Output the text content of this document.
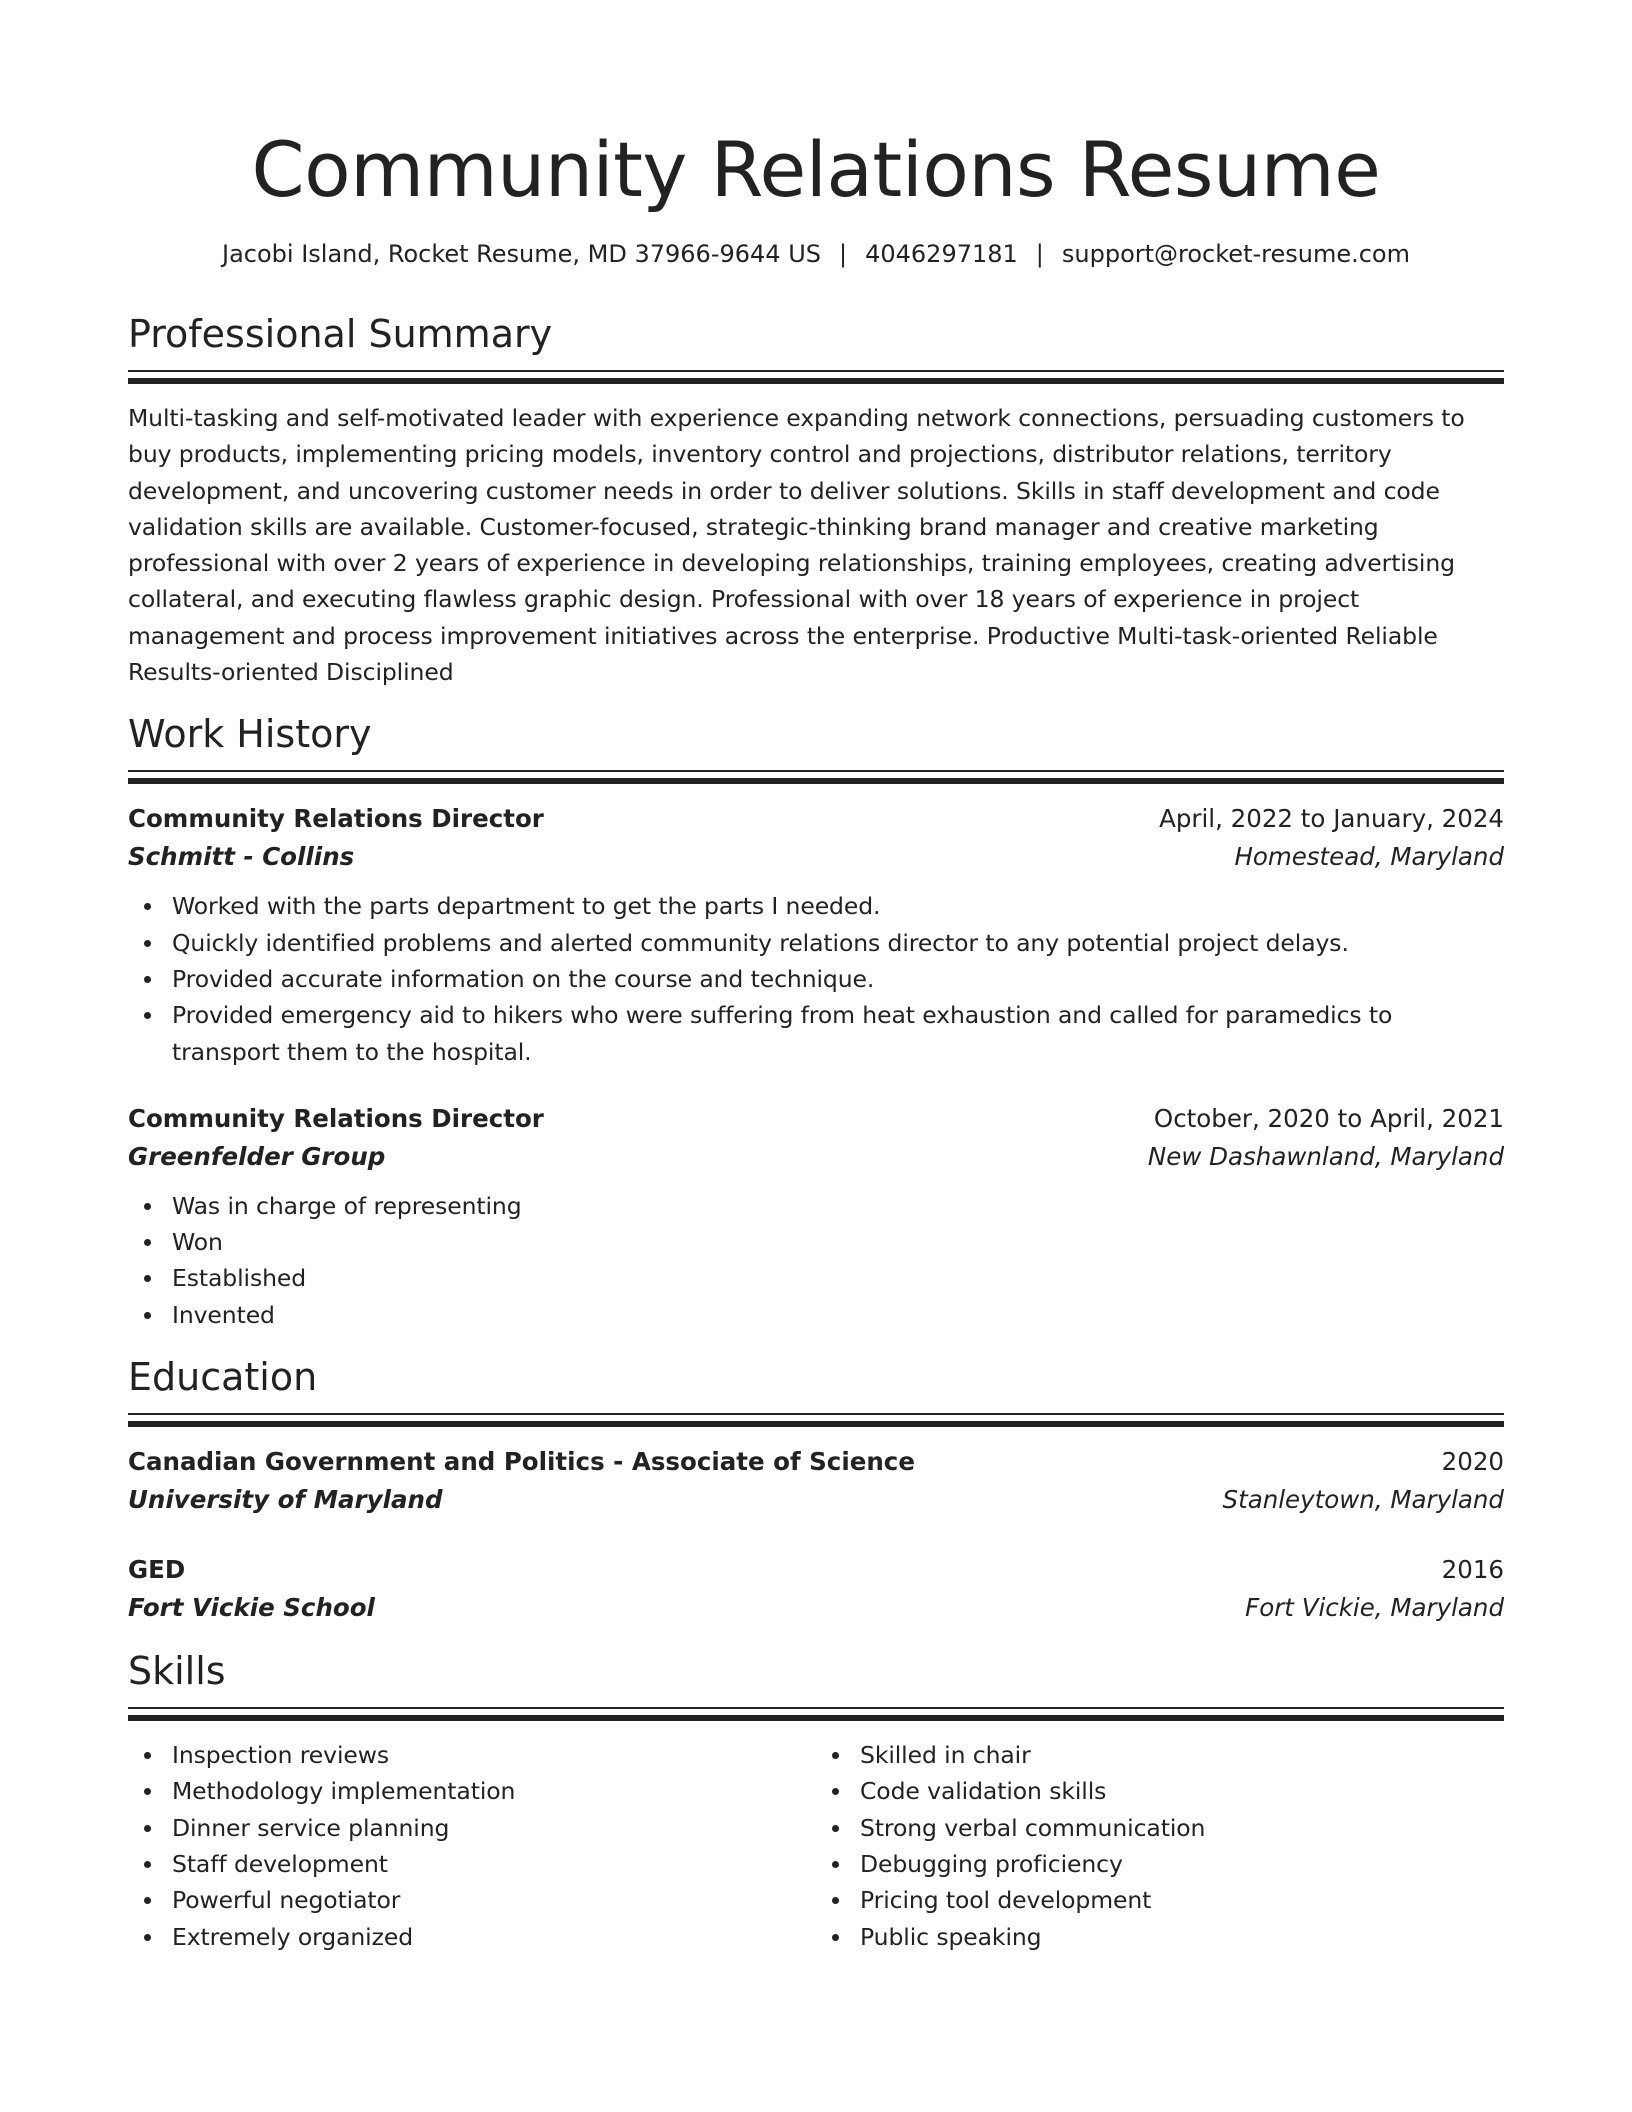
Community Relations Resume
Jacobi Island, Rocket Resume, MD 37966-9644 US | 4046297181 | support@rocket-resume.com
Professional Summary

Multi-tasking and self-motivated leader with experience expanding network connections, persuading customers to buy products, implementing pricing models, inventory control and projections, distributor relations, territory development, and uncovering customer needs in order to deliver solutions. Skills in staff development and code validation skills are available. Customer-focused, strategic-thinking brand manager and creative marketing professional with over 2 years of experience in developing relationships, training employees, creating advertising collateral, and executing flawless graphic design. Professional with over 18 years of experience in project management and process improvement initiatives across the enterprise. Productive Multi-task-oriented Reliable Results-oriented Disciplined

Work History
Community Relations Director	April, 2022 to January, 2024
Schmitt - Collins	Homestead, Maryland
Worked with the parts department to get the parts I needed.
Quickly identified problems and alerted community relations director to any potential project delays.
Provided accurate information on the course and technique.
Provided emergency aid to hikers who were suffering from heat exhaustion and called for paramedics to transport them to the hospital.
Community Relations Director	October, 2020 to April, 2021
Greenfelder Group	New Dashawnland, Maryland
Was in charge of representing
Won
Established
Invented
Education
Canadian Government and Politics - Associate of Science	2020
University of Maryland	Stanleytown, Maryland
GED	2016
Fort Vickie School	Fort Vickie, Maryland
Skills
Inspection reviews
Methodology implementation
Dinner service planning
Staff development
Powerful negotiator
Extremely organized
Skilled in chair
Code validation skills
Strong verbal communication
Debugging proficiency
Pricing tool development
Public speaking
